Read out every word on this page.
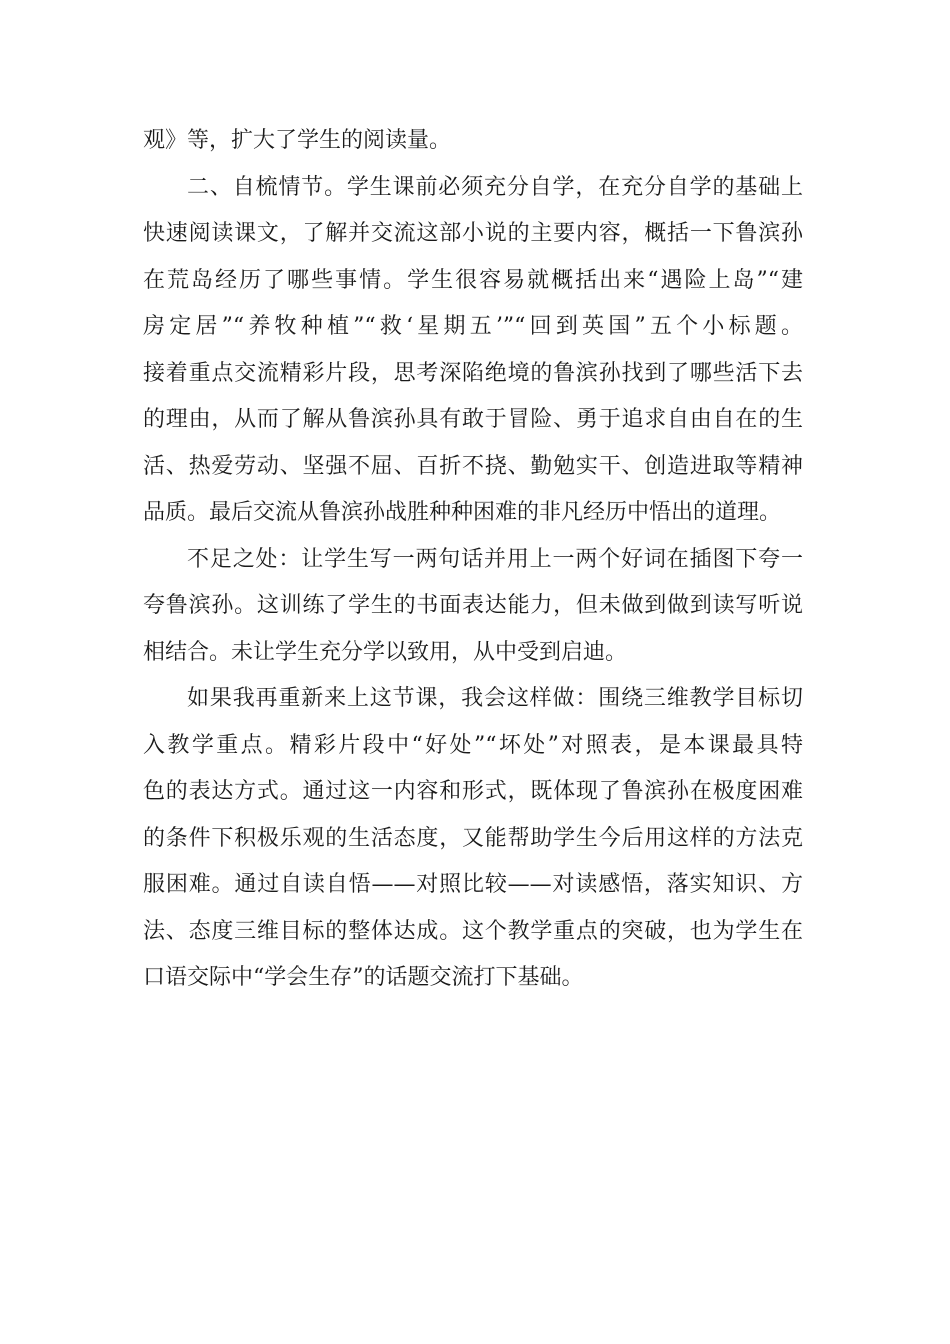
观》等，扩大了学生的阅读量。
二、自梳情节。学生课前必须充分自学，在充分自学的基础上
快速阅读课文，了解并交流这部小说的主要内容，概括一下鲁滨孙
在荒岛经历了哪些事情。学生很容易就概括出来“遇险上岛”“建
房定居”“养牧种植”“救‘星期五’”“回到英国”五个小标题。
接着重点交流精彩片段，思考深陷绝境的鲁滨孙找到了哪些活下去
的理由，从而了解从鲁滨孙具有敢于冒险、勇于追求自由自在的生
活、热爱劳动、坚强不屈、百折不挠、勤勉实干、创造进取等精神
品质。最后交流从鲁滨孙战胜种种困难的非凡经历中悟出的道理。
不足之处：让学生写一两句话并用上一两个好词在插图下夸一
夸鲁滨孙。这训练了学生的书面表达能力，但未做到做到读写听说
相结合。未让学生充分学以致用，从中受到启迪。
如果我再重新来上这节课，我会这样做：围绕三维教学目标切
入教学重点。精彩片段中“好处”“坏处”对照表，是本课最具特
色的表达方式。通过这一内容和形式，既体现了鲁滨孙在极度困难
的条件下积极乐观的生活态度，又能帮助学生今后用这样的方法克
服困难。通过自读自悟——对照比较——对读感悟，落实知识、方
法、态度三维目标的整体达成。这个教学重点的突破，也为学生在
口语交际中“学会生存”的话题交流打下基础。
